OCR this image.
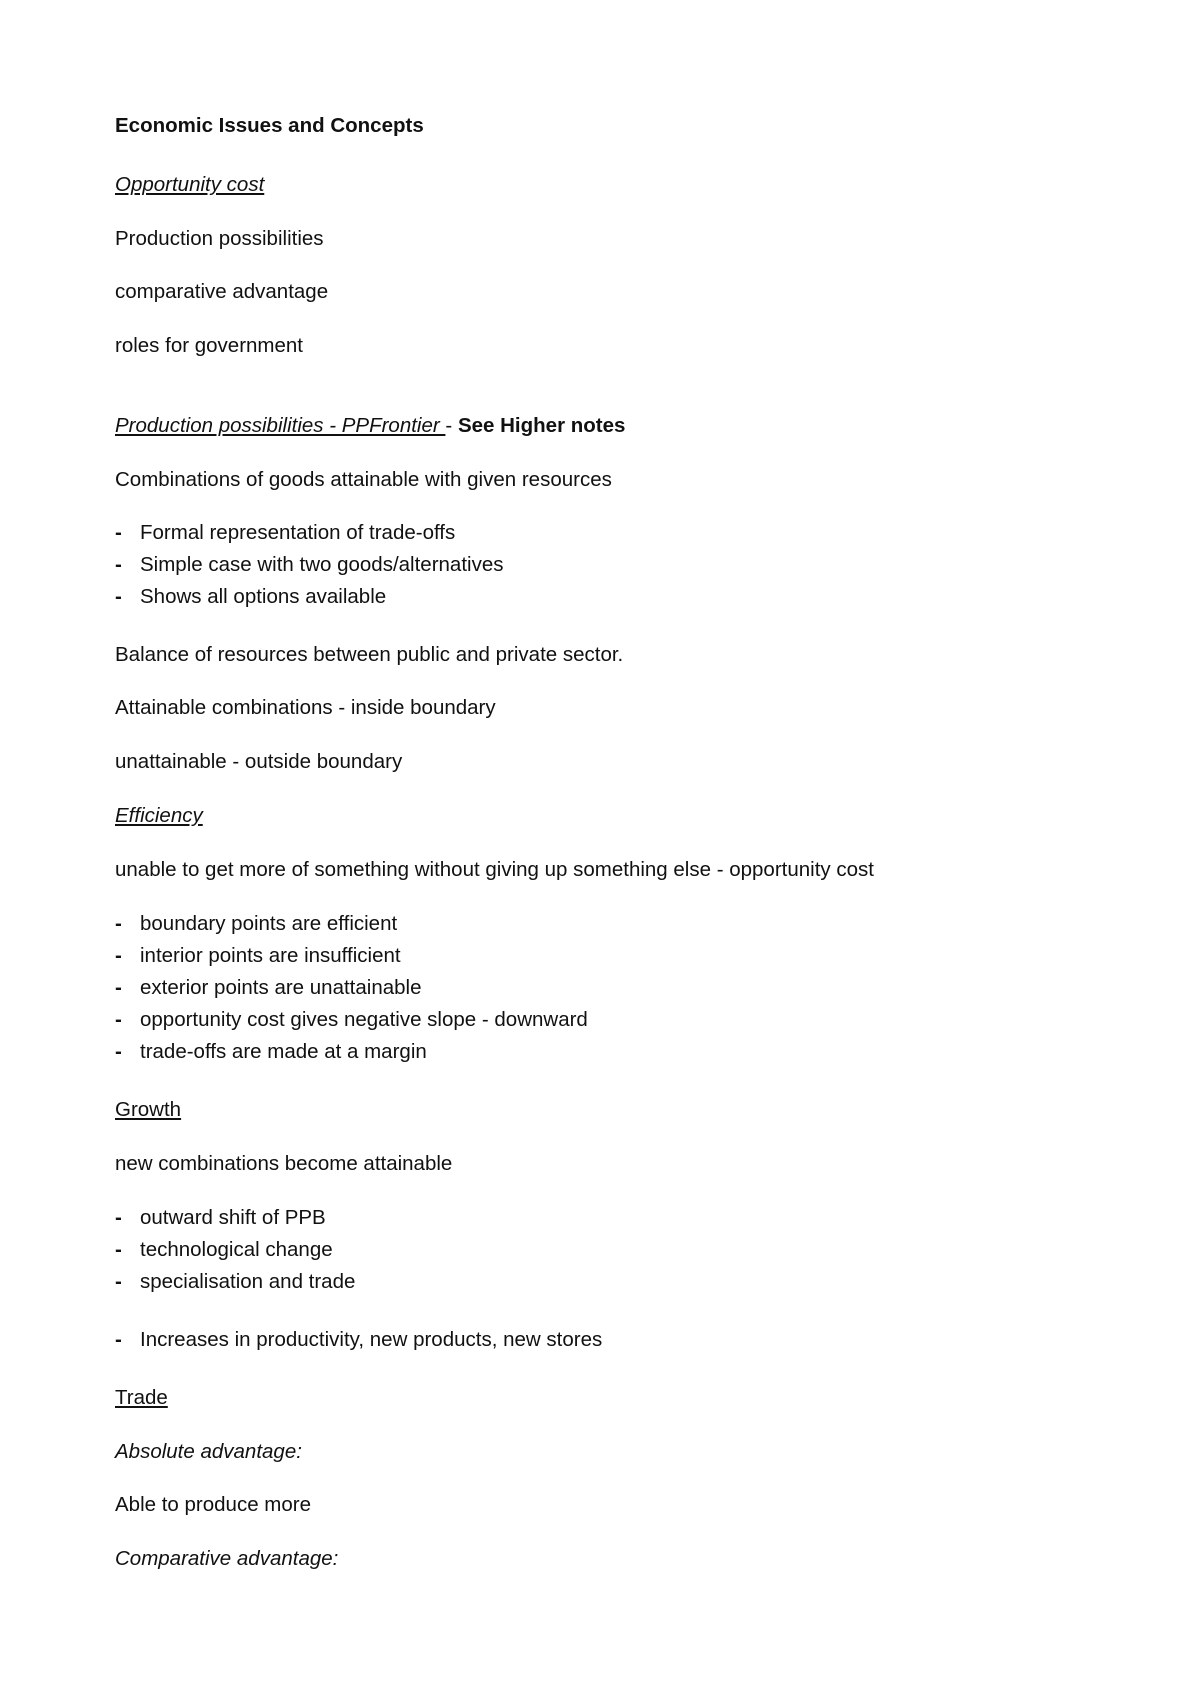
Economic Issues and Concepts
Opportunity cost
Production possibilities
comparative advantage
roles for government
Production possibilities - PPFrontier - See Higher notes
Combinations of goods attainable with given resources
- Formal representation of trade-offs
- Simple case with two goods/alternatives
- Shows all options available
Balance of resources between public and private sector.
Attainable combinations - inside boundary
unattainable - outside boundary
Efficiency
unable to get more of something without giving up something else - opportunity cost
- boundary points are efficient
- interior points are insufficient
- exterior points are unattainable
- opportunity cost gives negative slope - downward
- trade-offs are made at a margin
Growth
new combinations become attainable
- outward shift of PPB
- technological change
- specialisation and trade
- Increases in productivity, new products, new stores
Trade
Absolute advantage:
Able to produce more
Comparative advantage:
